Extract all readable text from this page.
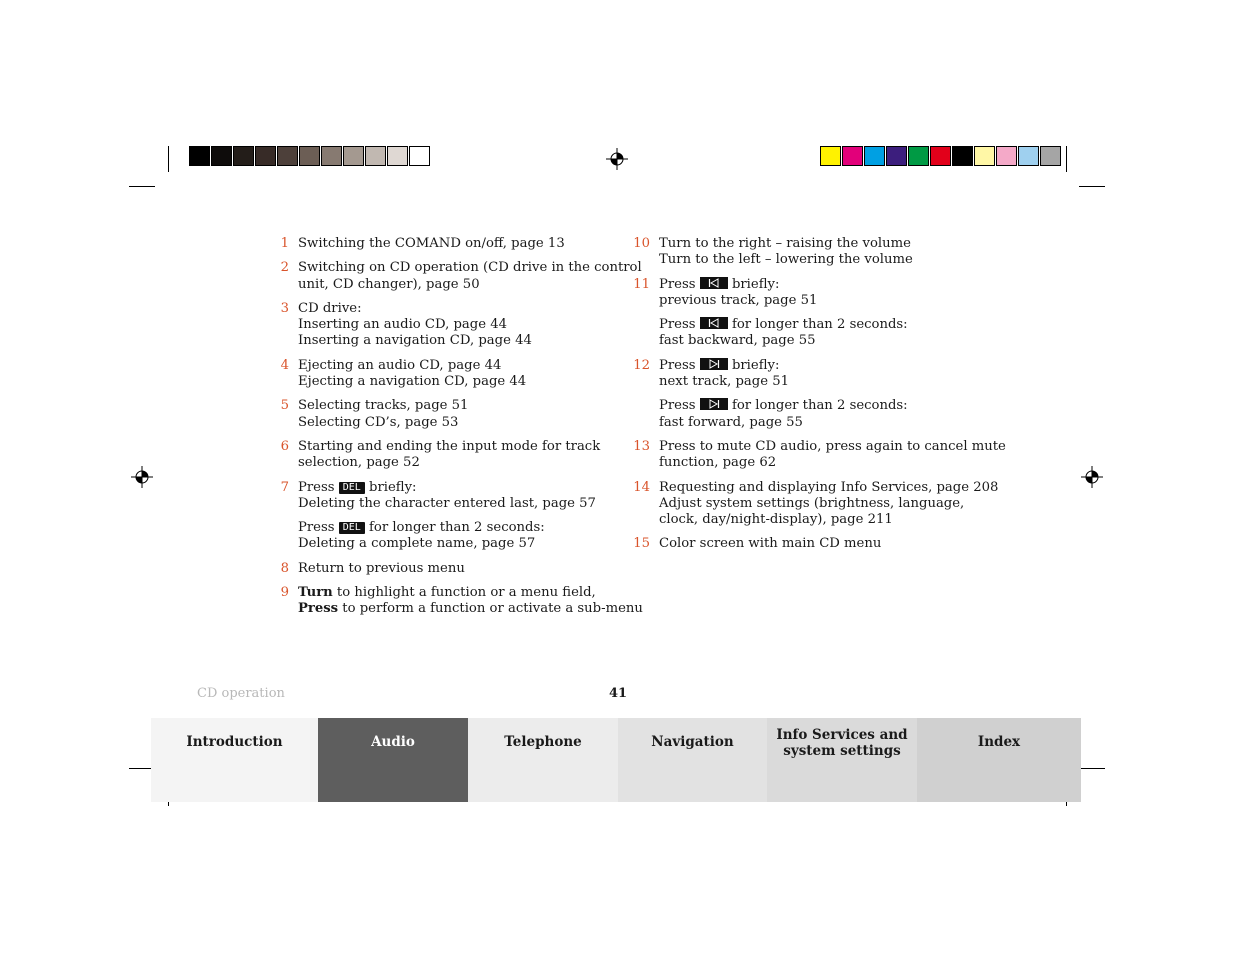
1 Switching the COMAND on/off, page 13
2 Switching on CD operation (CD drive in the control
unit, CD changer), page 50
3 CD drive:
Inserting an audio CD, page 44
Inserting a navigation CD, page 44
4 Ejecting an audio CD, page 44
Ejecting a navigation CD, page 44
5 Selecting tracks, page 51
Selecting CD’s, page 53
6 Starting and ending the input mode for track
selection, page 52
7 Press DEL briefly:
Deleting the character entered last, page 57
Press DEL for longer than 2 seconds:
Deleting a complete name, page 57
8 Return to previous menu
9 Turn to highlight a function or a menu field,
Press to perform a function or activate a sub-menu
10 Turn to the right – raising the volume
Turn to the left – lowering the volume
11 Press	briefly:
previous track, page 51
Press	for longer than 2 seconds:
fast backward, page 55
12 Press	briefly:
next track, page 51
Press	for longer than 2 seconds:
fast forward, page 55
13 Press to mute CD audio, press again to cancel mute
function, page 62
14 Requesting and displaying Info Services, page 208
Adjust system settings (brightness, language,
clock, day/night-display), page 211
15 Color screen with main CD menu
CD operation	41
Introduction	Audio	Telephone	Navigation	Info Services and
system settings
Index
